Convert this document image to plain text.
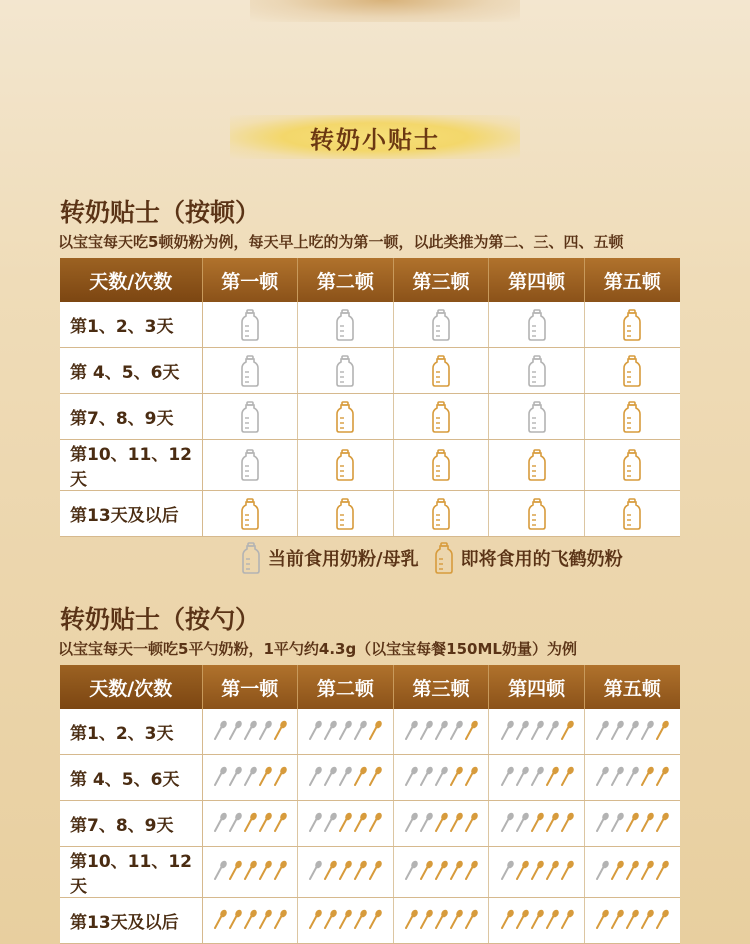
转奶小贴士
转奶贴士（按顿）
以宝宝每天吃5顿奶粉为例，每天早上吃的为第一顿，以此类推为第二、三、四、五顿
天数/次数	第一顿	第二顿	第三顿	第四顿	第五顿
第1、2、3天	

第 4、5、6天	

第7、8、9天	

第10、11、12天	

第13天及以后	

当前食用奶粉/母乳 即将食用的飞鹤奶粉
转奶贴士（按勺）
以宝宝每天一顿吃5平勺奶粉，1平勺约4.3g（以宝宝每餐150ML奶量）为例
天数/次数	第一顿	第二顿	第三顿	第四顿	第五顿
第1、2、3天	

第 4、5、6天	

第7、8、9天	

第10、11、12天	

第13天及以后	
